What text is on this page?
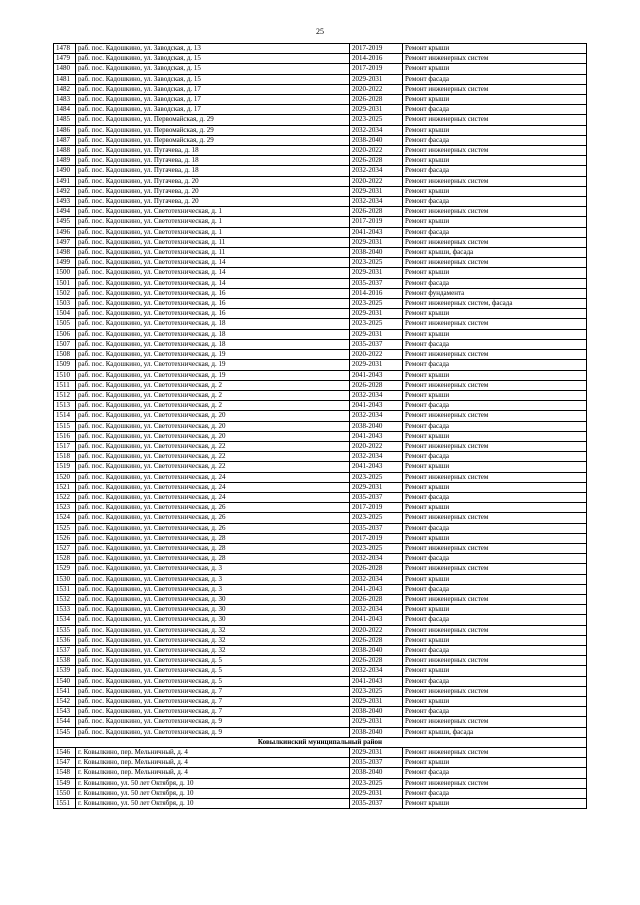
25
1478	раб. пос. Кадошкино, ул. Заводская, д. 13	2017-2019	Ремонт крыши
1479	раб. пос. Кадошкино, ул. Заводская, д. 15	2014-2016	Ремонт инженерных систем
1480	раб. пос. Кадошкино, ул. Заводская, д. 15	2017-2019	Ремонт крыши
1481	раб. пос. Кадошкино, ул. Заводская, д. 15	2029-2031	Ремонт фасада
1482	раб. пос. Кадошкино, ул. Заводская, д. 17	2020-2022	Ремонт инженерных систем
1483	раб. пос. Кадошкино, ул. Заводская, д. 17	2026-2028	Ремонт крыши
1484	раб. пос. Кадошкино, ул. Заводская, д. 17	2029-2031	Ремонт фасада
1485	раб. пос. Кадошкино, ул. Первомайская, д. 29	2023-2025	Ремонт инженерных систем
1486	раб. пос. Кадошкино, ул. Первомайская, д. 29	2032-2034	Ремонт крыши
1487	раб. пос. Кадошкино, ул. Первомайская, д. 29	2038-2040	Ремонт фасада
1488	раб. пос. Кадошкино, ул. Пугачева, д. 18	2020-2022	Ремонт инженерных систем
1489	раб. пос. Кадошкино, ул. Пугачева, д. 18	2026-2028	Ремонт крыши
1490	раб. пос. Кадошкино, ул. Пугачева, д. 18	2032-2034	Ремонт фасада
1491	раб. пос. Кадошкино, ул. Пугачева, д. 20	2020-2022	Ремонт инженерных систем
1492	раб. пос. Кадошкино, ул. Пугачева, д. 20	2029-2031	Ремонт крыши
1493	раб. пос. Кадошкино, ул. Пугачева, д. 20	2032-2034	Ремонт фасада
1494	раб. пос. Кадошкино, ул. Светотехническая, д. 1	2026-2028	Ремонт инженерных систем
1495	раб. пос. Кадошкино, ул. Светотехническая, д. 1	2017-2019	Ремонт крыши
1496	раб. пос. Кадошкино, ул. Светотехническая, д. 1	2041-2043	Ремонт фасада
1497	раб. пос. Кадошкино, ул. Светотехническая, д. 11	2029-2031	Ремонт инженерных систем
1498	раб. пос. Кадошкино, ул. Светотехническая, д. 11	2038-2040	Ремонт крыши, фасада
1499	раб. пос. Кадошкино, ул. Светотехническая, д. 14	2023-2025	Ремонт инженерных систем
1500	раб. пос. Кадошкино, ул. Светотехническая, д. 14	2029-2031	Ремонт крыши
1501	раб. пос. Кадошкино, ул. Светотехническая, д. 14	2035-2037	Ремонт фасада
1502	раб. пос. Кадошкино, ул. Светотехническая, д. 16	2014-2016	Ремонт фундамента
1503	раб. пос. Кадошкино, ул. Светотехническая, д. 16	2023-2025	Ремонт инженерных систем, фасада
1504	раб. пос. Кадошкино, ул. Светотехническая, д. 16	2029-2031	Ремонт крыши
1505	раб. пос. Кадошкино, ул. Светотехническая, д. 18	2023-2025	Ремонт инженерных систем
1506	раб. пос. Кадошкино, ул. Светотехническая, д. 18	2029-2031	Ремонт крыши
1507	раб. пос. Кадошкино, ул. Светотехническая, д. 18	2035-2037	Ремонт фасада
1508	раб. пос. Кадошкино, ул. Светотехническая, д. 19	2020-2022	Ремонт инженерных систем
1509	раб. пос. Кадошкино, ул. Светотехническая, д. 19	2029-2031	Ремонт фасада
1510	раб. пос. Кадошкино, ул. Светотехническая, д. 19	2041-2043	Ремонт крыши
1511	раб. пос. Кадошкино, ул. Светотехническая, д. 2	2026-2028	Ремонт инженерных систем
1512	раб. пос. Кадошкино, ул. Светотехническая, д. 2	2032-2034	Ремонт крыши
1513	раб. пос. Кадошкино, ул. Светотехническая, д. 2	2041-2043	Ремонт фасада
1514	раб. пос. Кадошкино, ул. Светотехническая, д. 20	2032-2034	Ремонт инженерных систем
1515	раб. пос. Кадошкино, ул. Светотехническая, д. 20	2038-2040	Ремонт фасада
1516	раб. пос. Кадошкино, ул. Светотехническая, д. 20	2041-2043	Ремонт крыши
1517	раб. пос. Кадошкино, ул. Светотехническая, д. 22	2020-2022	Ремонт инженерных систем
1518	раб. пос. Кадошкино, ул. Светотехническая, д. 22	2032-2034	Ремонт фасада
1519	раб. пос. Кадошкино, ул. Светотехническая, д. 22	2041-2043	Ремонт крыши
1520	раб. пос. Кадошкино, ул. Светотехническая, д. 24	2023-2025	Ремонт инженерных систем
1521	раб. пос. Кадошкино, ул. Светотехническая, д. 24	2029-2031	Ремонт крыши
1522	раб. пос. Кадошкино, ул. Светотехническая, д. 24	2035-2037	Ремонт фасада
1523	раб. пос. Кадошкино, ул. Светотехническая, д. 26	2017-2019	Ремонт крыши
1524	раб. пос. Кадошкино, ул. Светотехническая, д. 26	2023-2025	Ремонт инженерных систем
1525	раб. пос. Кадошкино, ул. Светотехническая, д. 26	2035-2037	Ремонт фасада
1526	раб. пос. Кадошкино, ул. Светотехническая, д. 28	2017-2019	Ремонт крыши
1527	раб. пос. Кадошкино, ул. Светотехническая, д. 28	2023-2025	Ремонт инженерных систем
1528	раб. пос. Кадошкино, ул. Светотехническая, д. 28	2032-2034	Ремонт фасада
1529	раб. пос. Кадошкино, ул. Светотехническая, д. 3	2026-2028	Ремонт инженерных систем
1530	раб. пос. Кадошкино, ул. Светотехническая, д. 3	2032-2034	Ремонт крыши
1531	раб. пос. Кадошкино, ул. Светотехническая, д. 3	2041-2043	Ремонт фасада
1532	раб. пос. Кадошкино, ул. Светотехническая, д. 30	2026-2028	Ремонт инженерных систем
1533	раб. пос. Кадошкино, ул. Светотехническая, д. 30	2032-2034	Ремонт крыши
1534	раб. пос. Кадошкино, ул. Светотехническая, д. 30	2041-2043	Ремонт фасада
1535	раб. пос. Кадошкино, ул. Светотехническая, д. 32	2020-2022	Ремонт инженерных систем
1536	раб. пос. Кадошкино, ул. Светотехническая, д. 32	2026-2028	Ремонт крыши
1537	раб. пос. Кадошкино, ул. Светотехническая, д. 32	2038-2040	Ремонт фасада
1538	раб. пос. Кадошкино, ул. Светотехническая, д. 5	2026-2028	Ремонт инженерных систем
1539	раб. пос. Кадошкино, ул. Светотехническая, д. 5	2032-2034	Ремонт крыши
1540	раб. пос. Кадошкино, ул. Светотехническая, д. 5	2041-2043	Ремонт фасада
1541	раб. пос. Кадошкино, ул. Светотехническая, д. 7	2023-2025	Ремонт инженерных систем
1542	раб. пос. Кадошкино, ул. Светотехническая, д. 7	2029-2031	Ремонт крыши
1543	раб. пос. Кадошкино, ул. Светотехническая, д. 7	2038-2040	Ремонт фасада
1544	раб. пос. Кадошкино, ул. Светотехническая, д. 9	2029-2031	Ремонт инженерных систем
1545	раб. пос. Кадошкино, ул. Светотехническая, д. 9	2038-2040	Ремонт крыши, фасада
Ковылкинский муниципальный район			
1546	г. Ковылкино, пер. Мельничный, д. 4	2029-2031	Ремонт инженерных систем
1547	г. Ковылкино, пер. Мельничный, д. 4	2035-2037	Ремонт крыши
1548	г. Ковылкино, пер. Мельничный, д. 4	2038-2040	Ремонт фасада
1549	г. Ковылкино, ул. 50 лет Октября, д. 10	2023-2025	Ремонт инженерных систем
1550	г. Ковылкино, ул. 50 лет Октября, д. 10	2029-2031	Ремонт фасада
1551	г. Ковылкино, ул. 50 лет Октября, д. 10	2035-2037	Ремонт крыши
